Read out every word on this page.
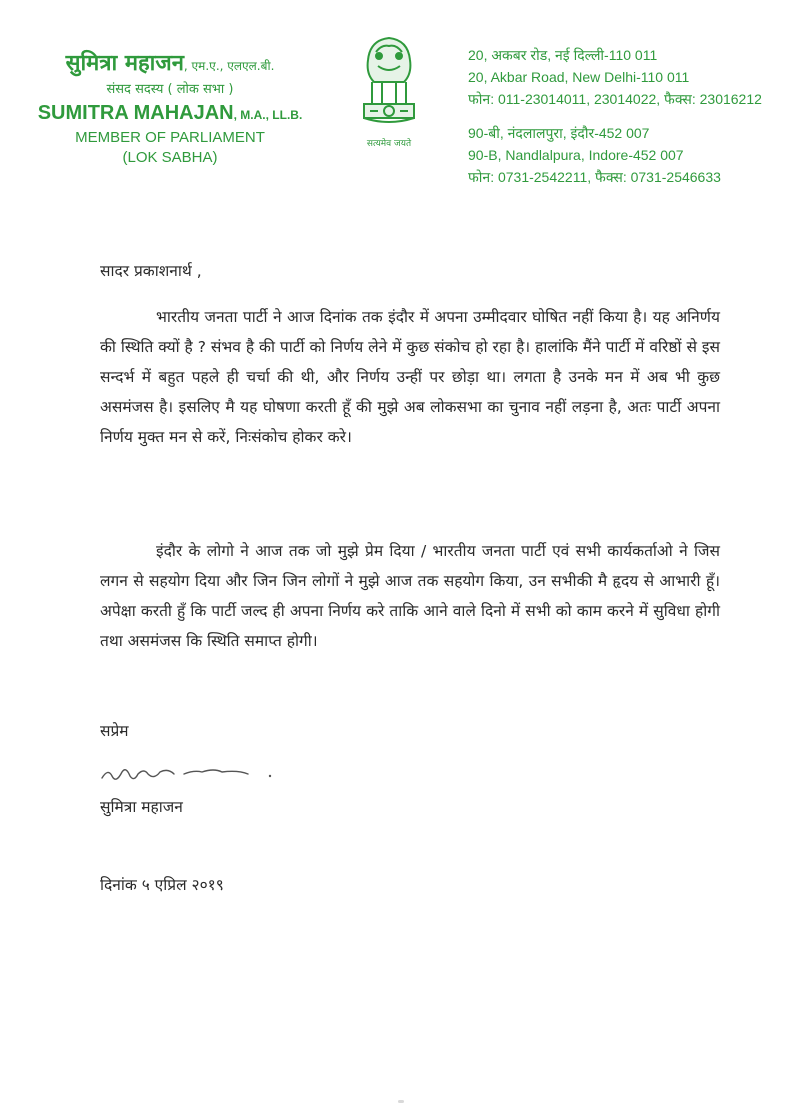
सुमित्रा महाजन, एम.ए., एलएल.बी.
संसद सदस्य ( लोक सभा )
SUMITRA MAHAJAN, M.A., LL.B.
MEMBER OF PARLIAMENT
(LOK SABHA)
सत्यमेव जयते
20, अकबर रोड, नई दिल्ली-110 011
20, Akbar Road, New Delhi-110 011
फोन: 011-23014011, 23014022, फैक्स: 23016212
90-बी, नंदलालपुरा, इंदौर-452 007
90-B, Nandlalpura, Indore-452 007
फोन: 0731-2542211, फैक्स: 0731-2546633
सादर प्रकाशनार्थ ,
भारतीय जनता पार्टी ने आज दिनांक तक इंदौर में अपना उम्मीदवार घोषित नहीं किया है। यह अनिर्णय की स्थिति क्यों है ? संभव है की पार्टी को निर्णय लेने में कुछ संकोच हो रहा है। हालांकि मैंने पार्टी में वरिष्ठों से इस सन्दर्भ में बहुत पहले ही चर्चा की थी, और निर्णय उन्हीं पर छोड़ा था। लगता है उनके मन में अब भी कुछ असमंजस है। इसलिए मै यह घोषणा करती हूँ की मुझे अब लोकसभा का चुनाव नहीं लड़ना है, अतः पार्टी अपना निर्णय मुक्त मन से करें, निःसंकोच होकर करे।
इंदौर के लोगो ने आज तक जो मुझे प्रेम दिया / भारतीय जनता पार्टी एवं सभी कार्यकर्ताओ ने जिस लगन से सहयोग दिया और जिन जिन लोगों ने मुझे आज तक सहयोग किया, उन सभीकी मै हृदय से आभारी हूँ। अपेक्षा करती हुँ कि पार्टी जल्द ही अपना निर्णय करे ताकि आने वाले दिनो में सभी को काम करने में सुविधा होगी तथा असमंजस कि स्थिति समाप्त होगी।
सप्रेम
सुमित्रा महाजन
दिनांक ५ एप्रिल २०१९
